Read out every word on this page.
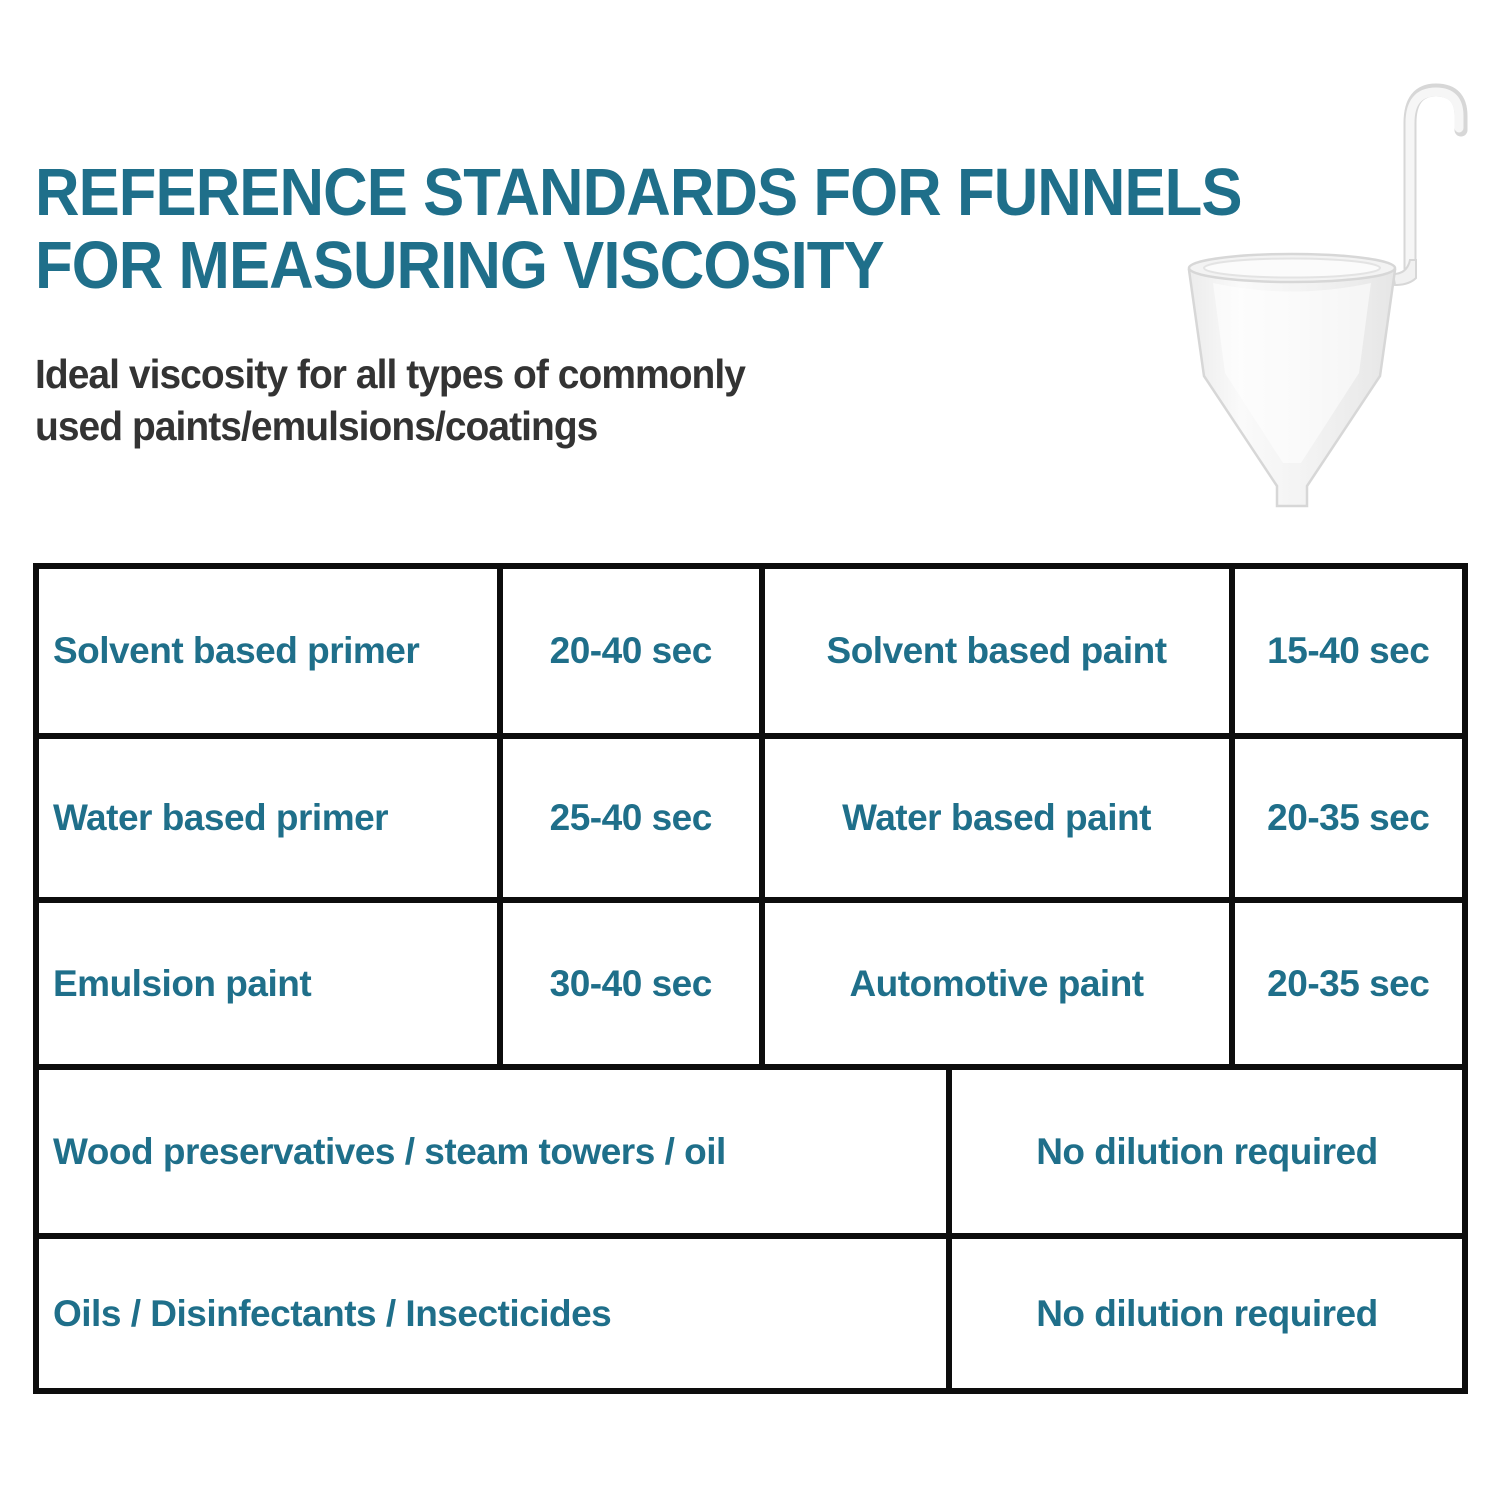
REFERENCE STANDARDS FOR FUNNELS
FOR MEASURING VISCOSITY
Ideal viscosity for all types of commonly
used paints/emulsions/coatings
Solvent based primer	20-40 sec	Solvent based paint	15-40 sec
Water based primer	25-40 sec	Water based paint	20-35 sec
Emulsion paint	30-40 sec	Automotive paint	20-35 sec
Wood preservatives / steam towers / oil	No dilution required
Oils / Disinfectants / Insecticides	No dilution required
